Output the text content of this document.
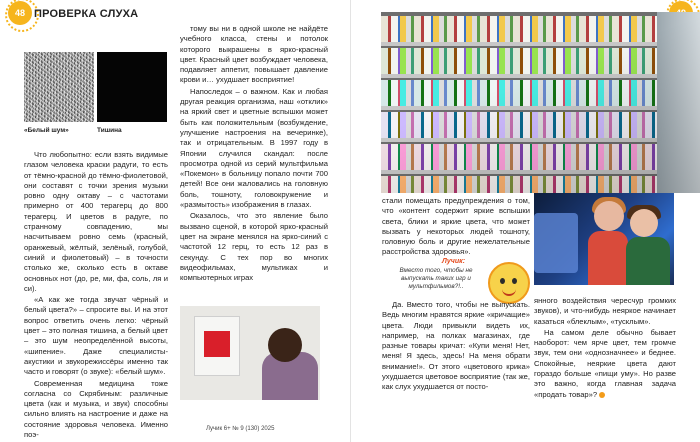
48 ПРОВЕРКА СЛУХА
«Белый шум»	Тишина

Что любопытно: если взять видимые глазом человека краски радуги, то есть от тёмно-красной до тёмно-фиолетовой, они составят с точки зрения музыки ровно одну октаву – с частотами примерно от 400 терагерц до 800 терагерц. И цветов в радуге, по странному совпадению, мы насчитываем ровно семь (красный, оранжевый, жёлтый, зелёный, голубой, синий и фиолетовый) – в точности столько же, сколько есть в октаве основных нот (до, ре, ми, фа, соль, ля и си).

«А как же тогда звучат чёрный и белый цвета?» – спросите вы. И на этот вопрос ответить очень легко: чёрный цвет – это полная тишина, а белый цвет – это шум неопределённой высоты, «шипение». Даже специалисты-акустики и звукорежиссёры именно так часто и говорят (о звуке): «белый шум».

Современная медицина тоже согласна со Скрябиным: различные цвета (как и музыка, и звук) способны сильно влиять на настроение и даже на состояние здоровья человека. Именно поэ-

тому вы ни в одной школе не найдёте учебного класса, стены и потолок которого выкрашены в ярко-красный цвет. Красный цвет возбуждает человека, подавляет аппетит, повышает давление крови и… ухудшает восприятие!

Напоследок – о важном. Как и любая другая реакция организма, наш «отклик» на яркий свет и цветные вспышки может быть как положительным (возбуждение, улучшение настроения на вечеринке), так и отрицательным. В 1997 году в Японии случился скандал: после просмотра одной из серий мультфильма «Покемон» в больницу попало почти 700 детей! Все они жаловались на головную боль, тошноту, головокружение и «размытость» изображения в глазах.

Оказалось, что это явление было вызвано сценой, в которой ярко-красный цвет на экране менялся на ярко-синий с частотой 12 герц, то есть 12 раз в секунду. С тех пор во многих видеофильмах, мультиках и компьютерных играх

стали помещать предупреждения о том, что «контент содержит яркие вспышки света, блики и яркие цвета, что может вызвать у некоторых людей тошноту, головную боль и другие нежелательные расстройства здоровья».
Лучик:
Вместо того, чтобы не выпускать таких игр и мультфильмов?!..

Да. Вместо того, чтобы не выпускать. Ведь многим нравятся яркие «кричащие» цвета. Люди привыкли видеть их, например, на полках магазинах, где разные товары кричат: «Купи меня! Нет, меня! Я здесь, здесь! На меня обрати внимание!». От этого «цветового крика» ухудшается цветовое восприятие (так же, как слух ухудшается от посто-

янного воздействия чересчур громких звуков), и что-нибудь неяркое начинает казаться «блеклым», «тусклым».

На самом деле обычно бывает наоборот: чем ярче цвет, тем громче звук, тем они «однозначнее» и беднее. Спокойные, неяркие цвета дают гораздо больше «пищи уму». Но разве это важно, когда главная задача «продать товар»?

Лучик 6+ № 9 (130) 2025
